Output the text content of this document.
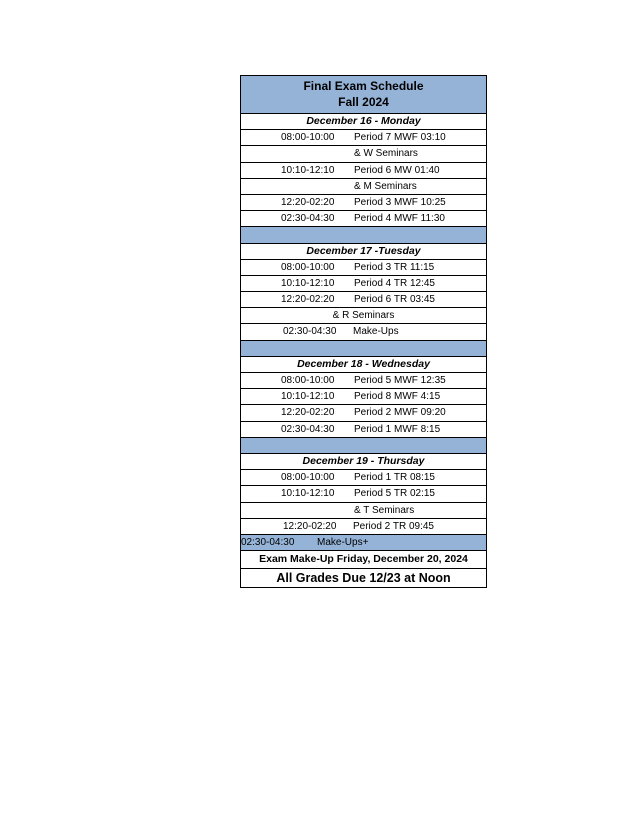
Final Exam Schedule
Fall 2024
December 16 - Monday
08:00-10:00 Period 7 MWF 03:10
& W Seminars
10:10-12:10 Period 6 MW 01:40
& M Seminars
12:20-02:20 Period 3 MWF 10:25
02:30-04:30 Period 4 MWF 11:30
December 17 -Tuesday
08:00-10:00 Period 3 TR 11:15
10:10-12:10 Period 4 TR 12:45
12:20-02:20 Period 6 TR 03:45
& R Seminars
02:30-04:30 Make-Ups
December 18 - Wednesday
08:00-10:00 Period 5 MWF 12:35
10:10-12:10 Period 8 MWF 4:15
12:20-02:20 Period 2 MWF 09:20
02:30-04:30 Period 1 MWF 8:15
December 19 - Thursday
08:00-10:00 Period 1 TR 08:15
10:10-12:10 Period 5 TR 02:15
& T Seminars
12:20-02:20 Period 2 TR 09:45
02:30-04:30 Make-Ups+
Exam Make-Up Friday, December 20, 2024
All Grades Due 12/23 at Noon
